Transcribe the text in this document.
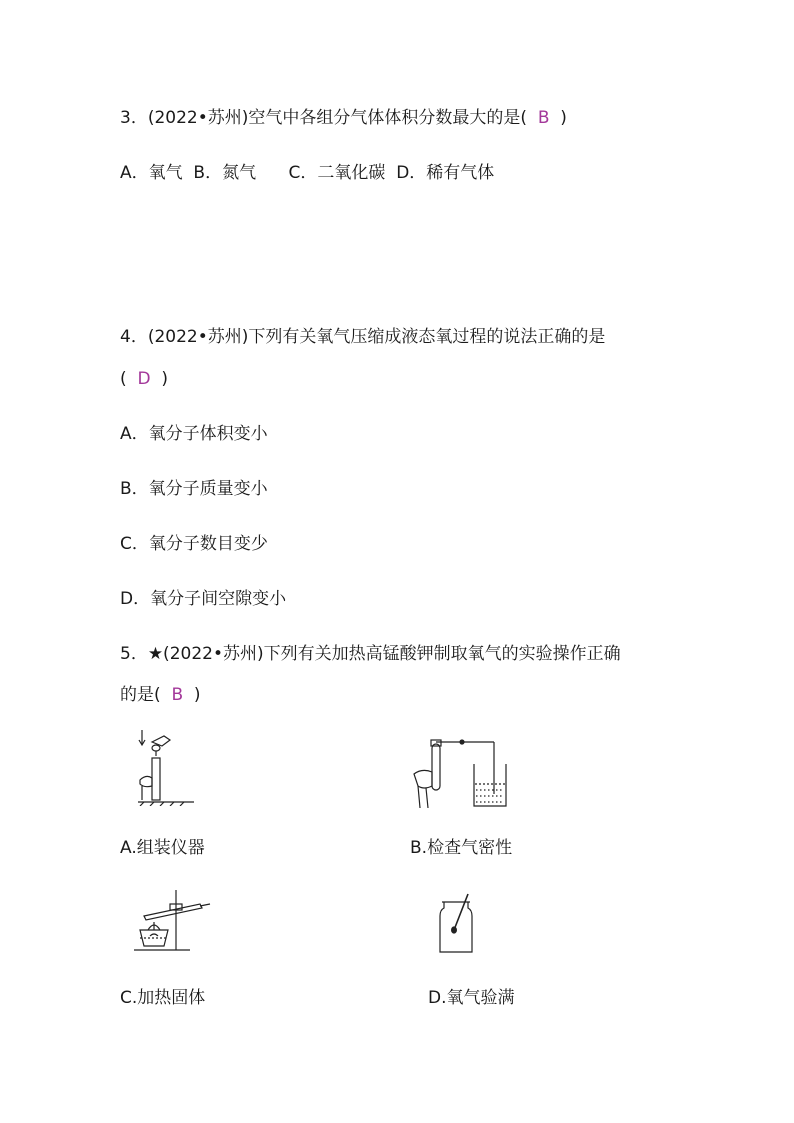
3．(2022•苏州)空气中各组分气体体积分数最大的是(  B  )
A．氧气  B．氮气      C．二氧化碳  D．稀有气体
4．(2022•苏州)下列有关氧气压缩成液态氧过程的说法正确的是
(  D  )
A．氧分子体积变小
B．氧分子质量变小
C．氧分子数目变少
D．氧分子间空隙变小
5．★(2022•苏州)下列有关加热高锰酸钾制取氧气的实验操作正确
的是(  B  )
A.组装仪器	B.检查气密性
C.加热固体	D.氧气验满
